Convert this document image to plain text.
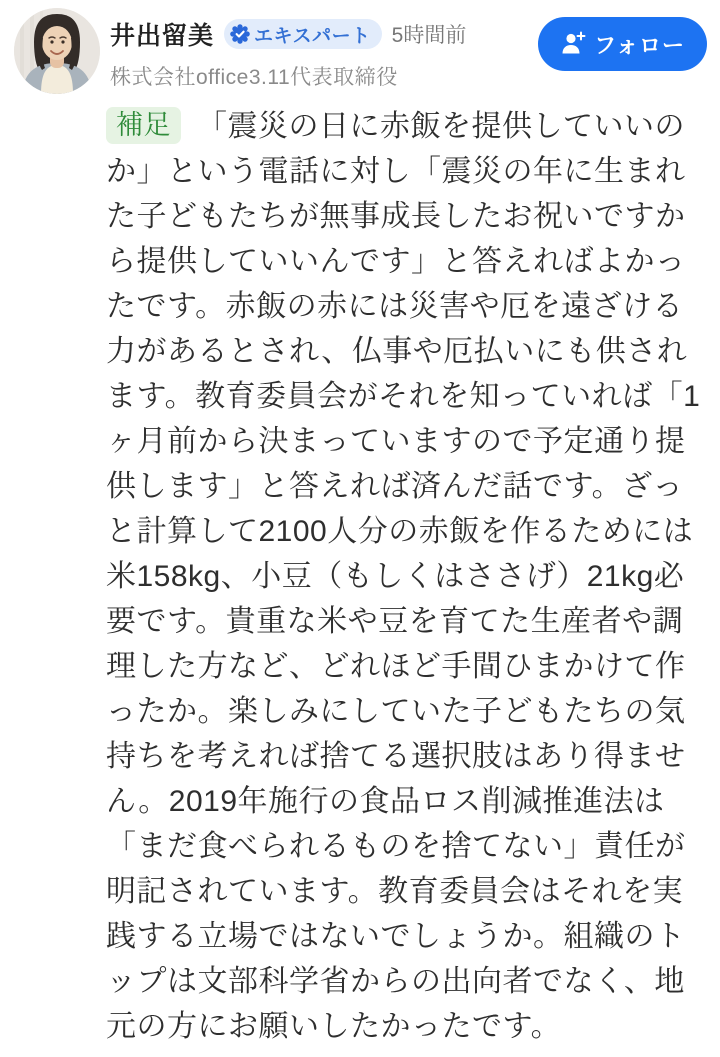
井出留美 エキスパート 5時間前
株式会社office3.11代表取締役
フォロー

補足 「震災の日に赤飯を提供していいのか」という電話に対し「震災の年に生まれた子どもたちが無事成長したお祝いですから提供していいんです」と答えればよかったです。赤飯の赤には災害や厄を遠ざける力があるとされ、仏事や厄払いにも供されます。教育委員会がそれを知っていれば「1ヶ月前から決まっていますので予定通り提供します」と答えれば済んだ話です。ざっと計算して2100人分の赤飯を作るためには米158kg、小豆（もしくはささげ）21kg必要です。貴重な米や豆を育てた生産者や調理した方など、どれほど手間ひまかけて作ったか。楽しみにしていた子どもたちの気持ちを考えれば捨てる選択肢はあり得ません。2019年施行の食品ロス削減推進法は「まだ食べられるものを捨てない」責任が明記されています。教育委員会はそれを実践する立場ではないでしょうか。組織のトップは文部科学省からの出向者でなく、地元の方にお願いしたかったです。
